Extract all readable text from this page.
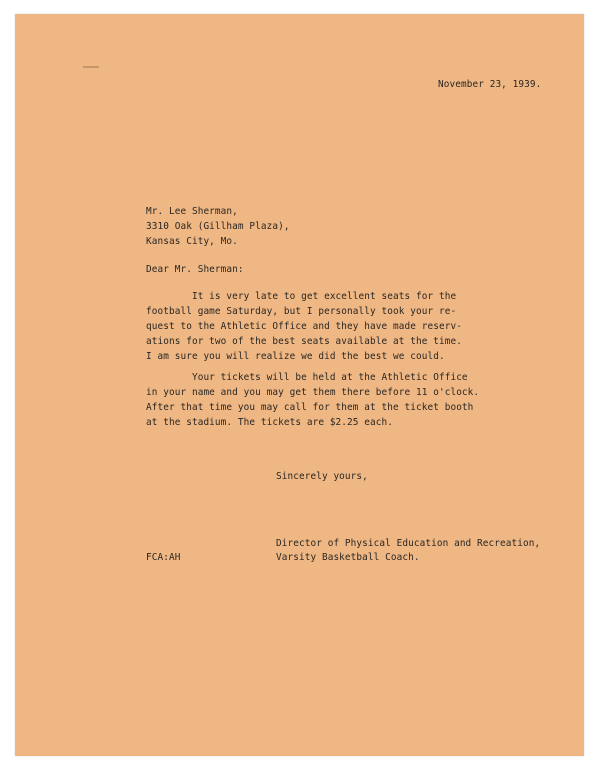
November 23, 1939.
Mr. Lee Sherman,
3310 Oak (Gillham Plaza),
Kansas City, Mo.
Dear Mr. Sherman:
It is very late to get excellent seats for the
football game Saturday, but I personally took your re-
quest to the Athletic Office and they have made reserv-
ations for two of the best seats available at the time.
I am sure you will realize we did the best we could.
Your tickets will be held at the Athletic Office
in your name and you may get them there before 11 o'clock.
After that time you may call for them at the ticket booth
at the stadium. The tickets are $2.25 each.
Sincerely yours,
Director of Physical Education and Recreation,
Varsity Basketball Coach.
FCA:AH
